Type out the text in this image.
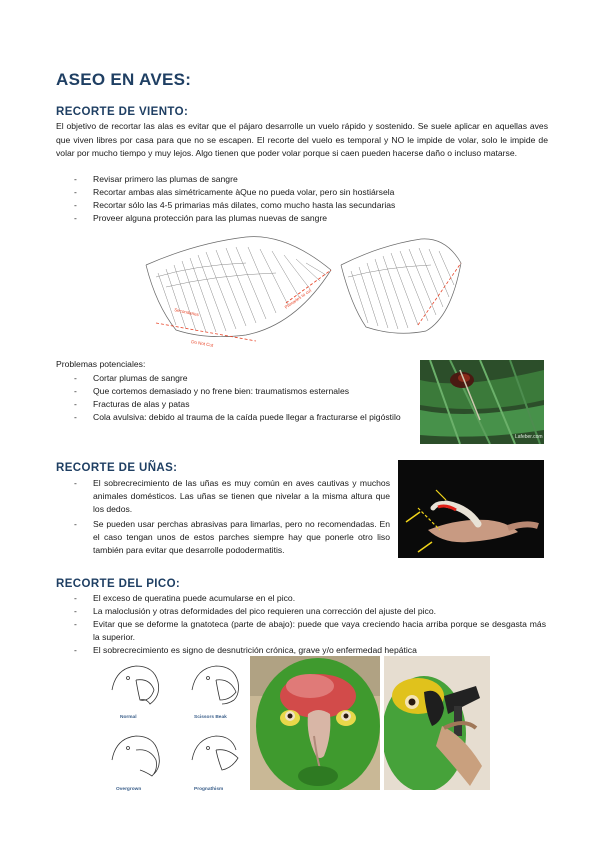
ASEO EN AVES:
RECORTE DE VIENTO:
El objetivo de recortar las alas es evitar que el pájaro desarrolle un vuelo rápido y sostenido. Se suele aplicar en aquellas aves que viven libres por casa para que no se escapen. El recorte del vuelo es temporal y NO le impide de volar, solo le impide de volar por mucho tiempo y muy lejos. Algo tienen que poder volar porque si caen pueden hacerse daño o incluso matarse.
- Revisar primero las plumas de sangre
- Recortar ambas alas simétricamente àQue no pueda volar, pero sin hostiársela
- Recortar sólo las 4-5 primarias más dilates, como mucho hasta las secundarias
- Proveer alguna protección para las plumas nuevas de sangre
Secondaries
Primaries to cut
Do Not Cut
Problemas potenciales:
- Cortar plumas de sangre
- Que cortemos demasiado y no frene bien: traumatismos esternales
- Fracturas de alas y patas
- Cola avulsiva: debido al trauma de la caída puede llegar a fracturarse el pigóstilo
Lafeber.com
RECORTE DE UÑAS:
- El sobrecrecimiento de las uñas es muy común en aves cautivas y muchos animales domésticos. Las uñas se tienen que nivelar a la misma altura que los dedos.
- Se pueden usar perchas abrasivas para limarlas, pero no recomendadas. En el caso tengan unos de estos parches siempre hay que ponerle otro liso también para evitar que desarrolle pododermatitis.
RECORTE DEL PICO:
- El exceso de queratina puede acumularse en el pico.
- La maloclusión y otras deformidades del pico requieren una corrección del ajuste del pico.
- Evitar que se deforme la gnatoteca (parte de abajo): puede que vaya creciendo hacia arriba porque se desgasta más la superior.
- El sobrecrecimiento es signo de desnutrición crónica, grave y/o enfermedad hepática
Normal	Scissors Beak
Overgrown	Prognathism
